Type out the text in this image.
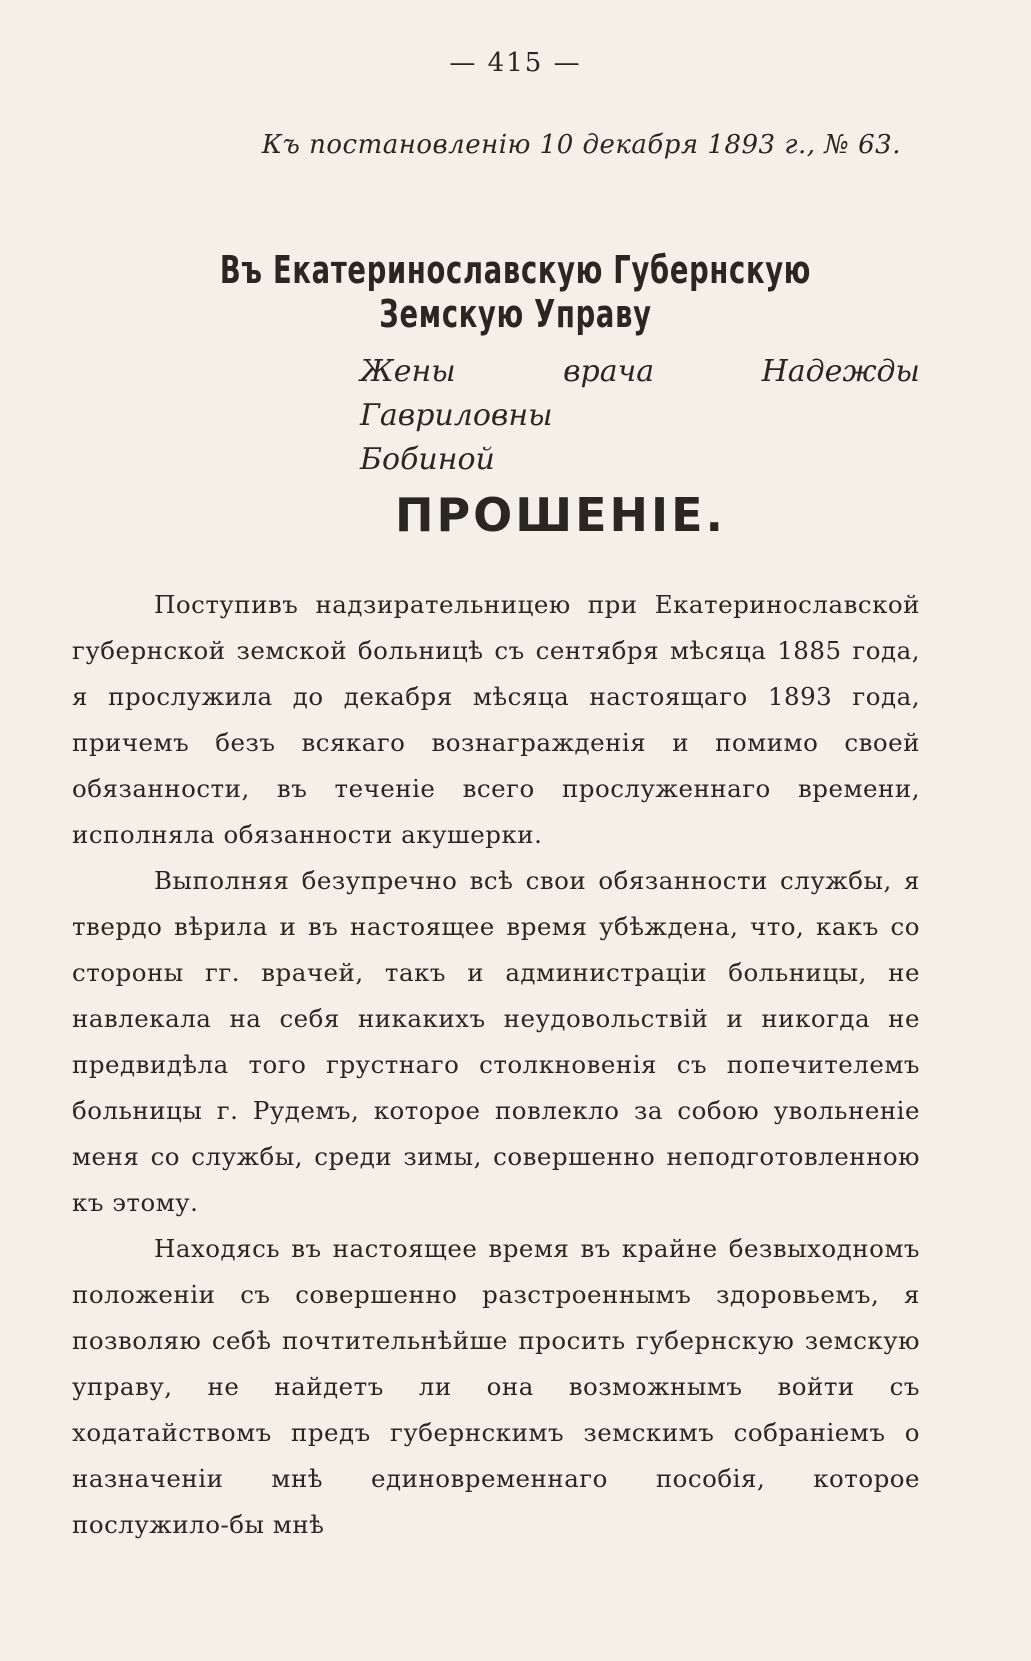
— 415 —
Къ постановленію 10 декабря 1893 г., № 63.
Въ Екатеринославскую Губернскую Земскую Управу
Жены врача Надежды Гавриловны
Бобиной
ПРОШЕНІЕ.

Поступивъ надзирательницею при Екатеринославской губернской земской больницѣ съ сентября мѣсяца 1885 года, я прослужила до декабря мѣсяца настоящаго 1893 года, причемъ безъ всякаго вознагражденія и помимо своей обязанности, въ теченіе всего прослуженнаго времени, исполняла обязанности акушерки.

Выполняя безупречно всѣ свои обязанности службы, я твердо вѣрила и въ настоящее время убѣждена, что, какъ со стороны гг. врачей, такъ и администраціи больницы, не навлекала на себя никакихъ неудовольствій и никогда не предвидѣла того грустнаго столкновенія съ попечителемъ больницы г. Рудемъ, которое повлекло за собою увольненіе меня со службы, среди зимы, совершенно неподготовленною къ этому.

Находясь въ настоящее время въ крайне безвыходномъ положеніи съ совершенно разстроеннымъ здоровьемъ, я позволяю себѣ почтительнѣйше просить губернскую земскую управу, не найдетъ ли она возможнымъ войти съ ходатайствомъ предъ губернскимъ земскимъ собраніемъ о назначеніи мнѣ единовременнаго пособія, которое послужило-бы мнѣ
